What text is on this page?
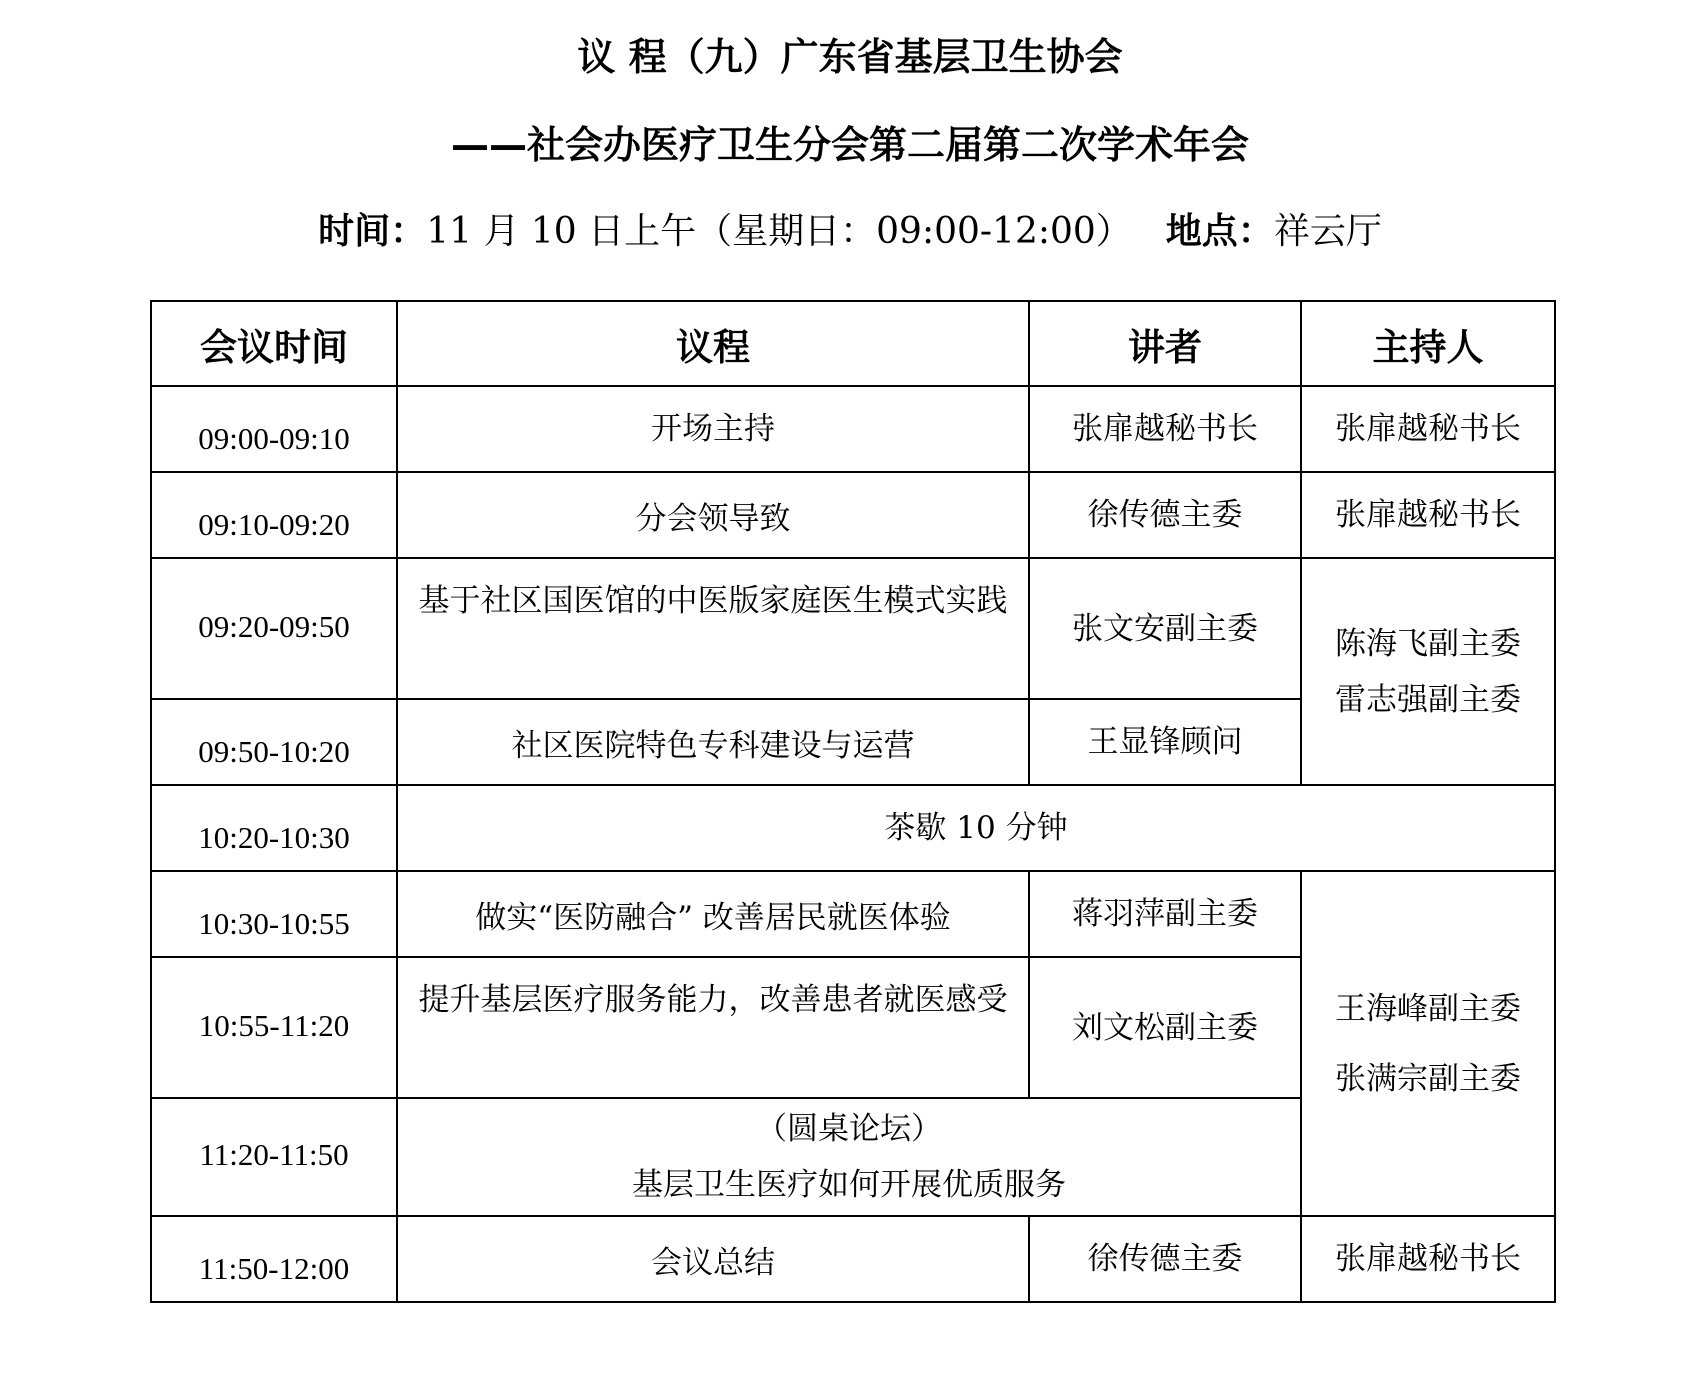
议 程（九）广东省基层卫生协会
——社会办医疗卫生分会第二届第二次学术年会
时间：11 月 10 日上午（星期日：09:00-12:00） 地点：祥云厅
会议时间	议程	讲者	主持人
09:00-09:10	开场主持	张扉越秘书长	张扉越秘书长
09:10-09:20	分会领导致	徐传德主委	张扉越秘书长
09:20-09:50	基于社区国医馆的中医版家庭医生模式实践	张文安副主委	陈海飞副主委
雷志强副主委

09:50-10:20	社区医院特色专科建设与运营	王显锋顾问	
10:20-10:30	茶歇 10 分钟		
10:30-10:55	做实“医防融合” 改善居民就医体验	蒋羽萍副主委	王海峰副主委
张满宗副主委

10:55-11:20	提升基层医疗服务能力，改善患者就医感受	刘文松副主委	
11:20-11:50	（圆桌论坛）
基层卫生医疗如何开展优质服务		

11:50-12:00	会议总结	徐传德主委	张扉越秘书长
